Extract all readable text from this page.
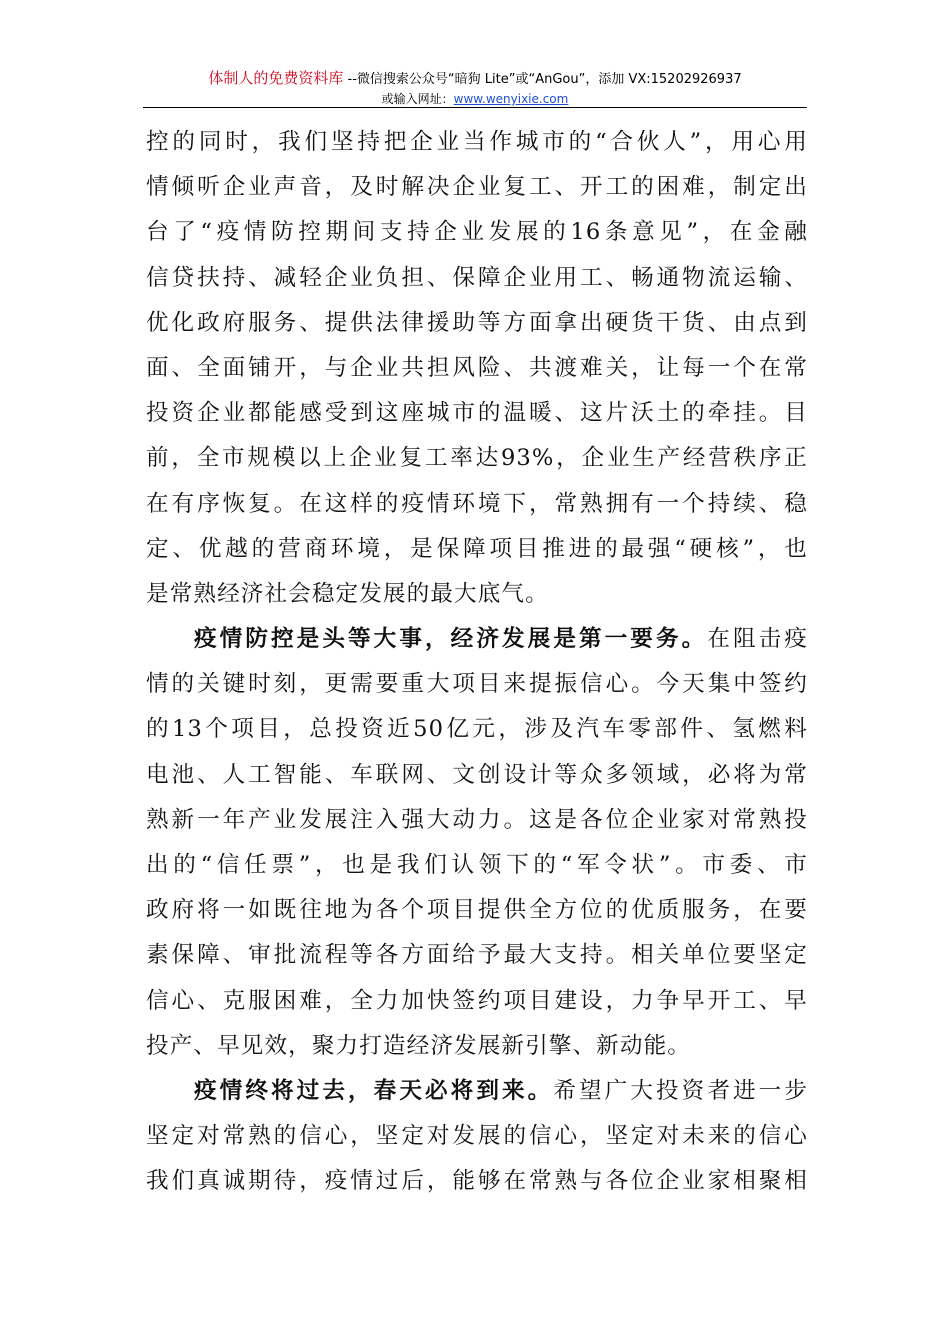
体制人的免费资料库 --微信搜索公众号“暗狗 Lite”或“AnGou”，添加 VX:15202926937
或输入网址：www.wenyixie.com
控的同时，我们坚持把企业当作城市的“合伙人”，用心用
情倾听企业声音，及时解决企业复工、开工的困难，制定出
台了“疫情防控期间支持企业发展的16条意见”，在金融
信贷扶持、减轻企业负担、保障企业用工、畅通物流运输、
优化政府服务、提供法律援助等方面拿出硬货干货、由点到
面、全面铺开，与企业共担风险、共渡难关，让每一个在常
投资企业都能感受到这座城市的温暖、这片沃土的牵挂。目
前，全市规模以上企业复工率达93%，企业生产经营秩序正
在有序恢复。在这样的疫情环境下，常熟拥有一个持续、稳
定、优越的营商环境，是保障项目推进的最强“硬核”，也
是常熟经济社会稳定发展的最大底气。
疫情防控是头等大事，经济发展是第一要务。在阻击疫
情的关键时刻，更需要重大项目来提振信心。今天集中签约
的13个项目，总投资近50亿元，涉及汽车零部件、氢燃料
电池、人工智能、车联网、文创设计等众多领域，必将为常
熟新一年产业发展注入强大动力。这是各位企业家对常熟投
出的“信任票”，也是我们认领下的“军令状”。市委、市
政府将一如既往地为各个项目提供全方位的优质服务，在要
素保障、审批流程等各方面给予最大支持。相关单位要坚定
信心、克服困难，全力加快签约项目建设，力争早开工、早
投产、早见效，聚力打造经济发展新引擎、新动能。
疫情终将过去，春天必将到来。希望广大投资者进一步
坚定对常熟的信心，坚定对发展的信心，坚定对未来的信心
我们真诚期待，疫情过后，能够在常熟与各位企业家相聚相
